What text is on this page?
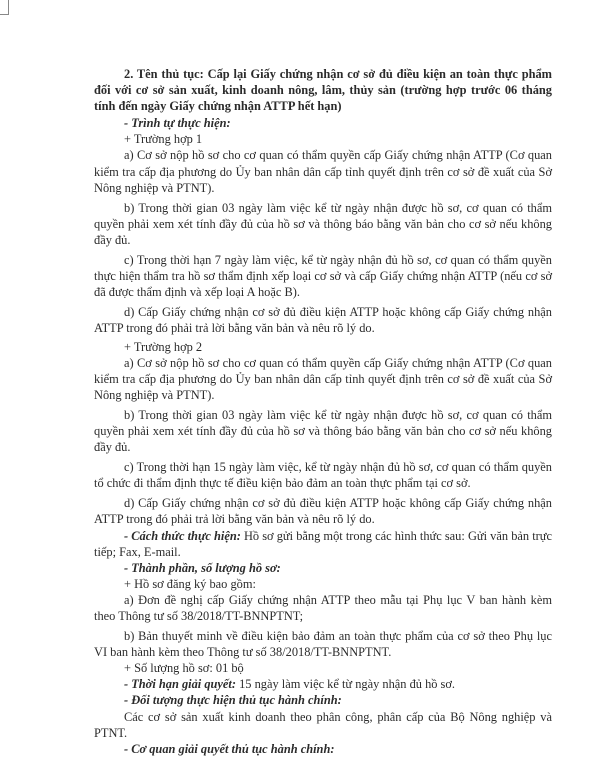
2. Tên thủ tục: Cấp lại Giấy chứng nhận cơ sở đủ điều kiện an toàn thực phẩm đối với cơ sở sản xuất, kinh doanh nông, lâm, thủy sản (trường hợp trước 06 tháng tính đến ngày Giấy chứng nhận ATTP hết hạn)

- Trình tự thực hiện:

+ Trường hợp 1

a) Cơ sở nộp hồ sơ cho cơ quan có thẩm quyền cấp Giấy chứng nhận ATTP (Cơ quan kiểm tra cấp địa phương do Ủy ban nhân dân cấp tỉnh quyết định trên cơ sở đề xuất của Sở Nông nghiệp và PTNT).

b) Trong thời gian 03 ngày làm việc kể từ ngày nhận được hồ sơ, cơ quan có thẩm quyền phải xem xét tính đầy đủ của hồ sơ và thông báo bằng văn bản cho cơ sở nếu không đầy đủ.

c) Trong thời hạn 7 ngày làm việc, kể từ ngày nhận đủ hồ sơ, cơ quan có thẩm quyền thực hiện thẩm tra hồ sơ thẩm định xếp loại cơ sở và cấp Giấy chứng nhận ATTP (nếu cơ sở đã được thẩm định và xếp loại A hoặc B).

d) Cấp Giấy chứng nhận cơ sở đủ điều kiện ATTP hoặc không cấp Giấy chứng nhận ATTP trong đó phải trả lời bằng văn bản và nêu rõ lý do.

+ Trường hợp 2

a) Cơ sở nộp hồ sơ cho cơ quan có thẩm quyền cấp Giấy chứng nhận ATTP (Cơ quan kiểm tra cấp địa phương do Ủy ban nhân dân cấp tỉnh quyết định trên cơ sở đề xuất của Sở Nông nghiệp và PTNT).

b) Trong thời gian 03 ngày làm việc kể từ ngày nhận được hồ sơ, cơ quan có thẩm quyền phải xem xét tính đầy đủ của hồ sơ và thông báo bằng văn bản cho cơ sở nếu không đầy đủ.

c) Trong thời hạn 15 ngày làm việc, kể từ ngày nhận đủ hồ sơ, cơ quan có thẩm quyền tổ chức đi thẩm định thực tế điều kiện bảo đảm an toàn thực phẩm tại cơ sở.

d) Cấp Giấy chứng nhận cơ sở đủ điều kiện ATTP hoặc không cấp Giấy chứng nhận ATTP trong đó phải trả lời bằng văn bản và nêu rõ lý do.

- Cách thức thực hiện: Hồ sơ gửi bằng một trong các hình thức sau: Gửi văn bản trực tiếp; Fax, E-mail.

- Thành phần, số lượng hồ sơ:

+ Hồ sơ đăng ký bao gồm:

a) Đơn đề nghị cấp Giấy chứng nhận ATTP theo mẫu tại Phụ lục V ban hành kèm theo Thông tư số 38/2018/TT-BNNPTNT;

b) Bản thuyết minh về điều kiện bảo đảm an toàn thực phẩm của cơ sở theo Phụ lục VI ban hành kèm theo Thông tư số 38/2018/TT-BNNPTNT.

+ Số lượng hồ sơ: 01 bộ

- Thời hạn giải quyết: 15 ngày làm việc kể từ ngày nhận đủ hồ sơ.

- Đối tượng thực hiện thủ tục hành chính:

Các cơ sở sản xuất kinh doanh theo phân công, phân cấp của Bộ Nông nghiệp và PTNT.

- Cơ quan giải quyết thủ tục hành chính:
